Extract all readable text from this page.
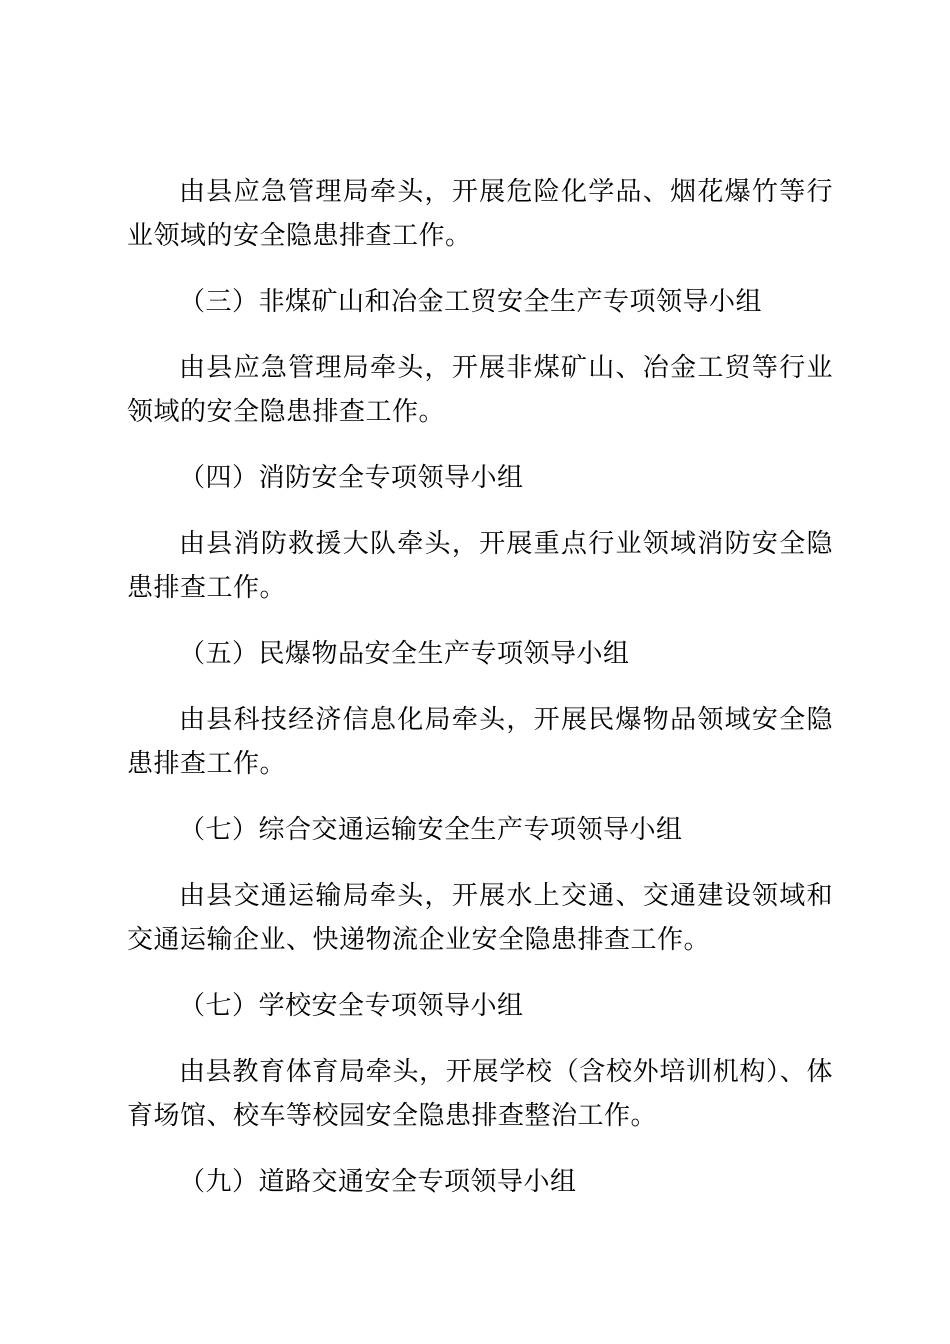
由县应急管理局牵头，开展危险化学品、烟花爆竹等行业领域的安全隐患排查工作。

（三）非煤矿山和冶金工贸安全生产专项领导小组

由县应急管理局牵头，开展非煤矿山、冶金工贸等行业领域的安全隐患排查工作。

（四）消防安全专项领导小组

由县消防救援大队牵头，开展重点行业领域消防安全隐患排查工作。

（五）民爆物品安全生产专项领导小组

由县科技经济信息化局牵头，开展民爆物品领域安全隐患排查工作。

（七）综合交通运输安全生产专项领导小组

由县交通运输局牵头，开展水上交通、交通建设领域和交通运输企业、快递物流企业安全隐患排查工作。

（七）学校安全专项领导小组

由县教育体育局牵头，开展学校（含校外培训机构）、体育场馆、校车等校园安全隐患排查整治工作。

（九）道路交通安全专项领导小组
